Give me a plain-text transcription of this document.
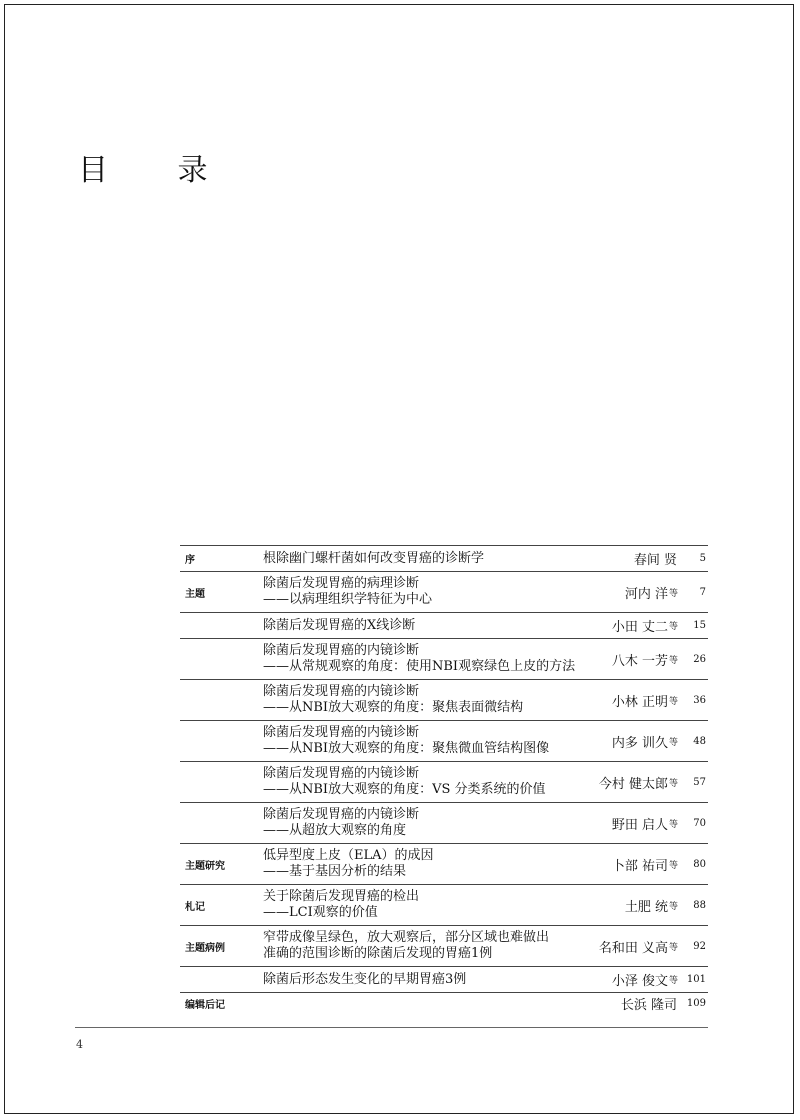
目 录
序	根除幽门螺杆菌如何改变胃癌的诊断学	春间 贤	5
主题
除菌后发现胃癌的病理诊断
——以病理组织学特征为中心	河内 洋 等	7
除菌后发现胃癌的X线诊断	小田 丈二 等	15
除菌后发现胃癌的内镜诊断
——从常规观察的角度：使用NBI观察绿色上皮的方法	八木 一芳 等	26
除菌后发现胃癌的内镜诊断
——从NBI放大观察的角度：聚焦表面微结构	小林 正明 等	36
除菌后发现胃癌的内镜诊断
——从NBI放大观察的角度：聚焦微血管结构图像	内多 训久 等	48
除菌后发现胃癌的内镜诊断
——从NBI放大观察的角度：VS 分类系统的价值	今村 健太郎 等	57
除菌后发现胃癌的内镜诊断
——从超放大观察的角度	野田 启人 等	70
主题研究
低异型度上皮（ELA）的成因
——基于基因分析的结果	卜部 祐司 等	80
札记
关于除菌后发现胃癌的检出
——LCI观察的价值	土肥 统 等	88
主题病例
窄带成像呈绿色，放大观察后，部分区域也难做出
准确的范围诊断的除菌后发现的胃癌1例	名和田 义高 等	92
除菌后形态发生变化的早期胃癌3例	小泽 俊文 等 101
编辑后记	长浜 隆司 109
4
